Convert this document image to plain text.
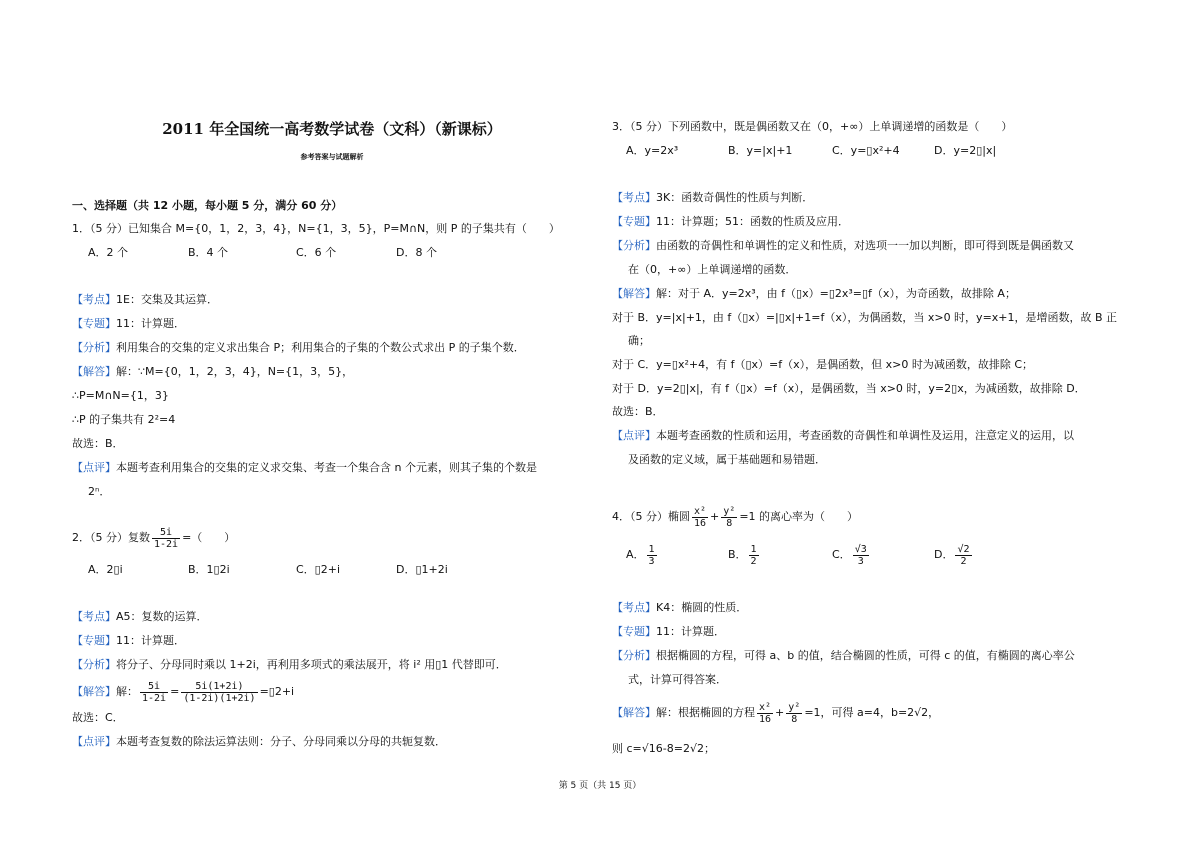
2011 年全国统一高考数学试卷（文科）（新课标）
参考答案与试题解析
一、选择题（共 12 小题，每小题 5 分，满分 60 分）
1．（5 分）已知集合 M={0，1，2，3，4}，N={1，3，5}，P=M∩N，则 P 的子集共有（　　）
A．2 个	B．4 个	C．6 个	D．8 个
【考点】1E：交集及其运算．
【专题】11：计算题．
【分析】利用集合的交集的定义求出集合 P；利用集合的子集的个数公式求出 P 的子集个数．
【解答】解：∵M={0，1，2，3，4}，N={1，3，5}，
∴P=M∩N={1，3}
∴P 的子集共有 2²=4
故选：B．
【点评】本题考查利用集合的交集的定义求交集、考查一个集合含 n 个元素，则其子集的个数是
2ⁿ．
2．（5 分）复数 $\frac{5i}{1-2i}$ =（　　）
A．2▯i	B．1▯2i	C．▯2+i	D．▯1+2i
【考点】A5：复数的运算．
【专题】11：计算题．
【分析】将分子、分母同时乘以 1+2i，再利用多项式的乘法展开，将 i² 用▯1 代替即可．
【解答】解： $\frac{5i}{1-2i} = \frac{5i(1+2i)}{(1-2i)(1+2i)}$ =▯2+i
故选：C．
【点评】本题考查复数的除法运算法则：分子、分母同乘以分母的共轭复数．
3．（5 分）下列函数中，既是偶函数又在（0，+∞）上单调递增的函数是（　　）
A．y=2x³	B．y=|x|+1	C．y=▯x²+4	D．y=2▯|x|
【考点】3K：函数奇偶性的性质与判断．
【专题】11：计算题；51：函数的性质及应用．
【分析】由函数的奇偶性和单调性的定义和性质，对选项一一加以判断，即可得到既是偶函数又
在（0，+∞）上单调递增的函数．
【解答】解：对于 A．y=2x³，由 f（▯x）=▯2x³=▯f（x），为奇函数，故排除 A；
对于 B．y=|x|+1，由 f（▯x）=|▯x|+1=f（x），为偶函数，当 x>0 时，y=x+1，是增函数，故 B 正
确；
对于 C．y=▯x²+4，有 f（▯x）=f（x），是偶函数，但 x>0 时为减函数，故排除 C；
对于 D．y=2▯|x|，有 f（▯x）=f（x），是偶函数，当 x>0 时，y=2▯x，为减函数，故排除 D．
故选：B．
【点评】本题考查函数的性质和运用，考查函数的奇偶性和单调性及运用，注意定义的运用，以
及函数的定义域，属于基础题和易错题．
4．（5 分）椭圆 $\frac{\text{x²}}{16} + \frac{\text{y²}}{8} =1$ 的离心率为（　　）
A． $\frac{1}{3}$	B． $\frac{1}{2}$	C． $\frac{√3}{3}$	D． $\frac{√2}{2}$
【考点】K4：椭圆的性质．
【专题】11：计算题．
【分析】根据椭圆的方程，可得 a、b 的值，结合椭圆的性质，可得 c 的值，有椭圆的离心率公
式，计算可得答案．
【解答】解：根据椭圆的方程 $\frac{\text{x²}}{16} + \frac{\text{y²}}{8} =1$，可得 a=4，b=2√2，
则 c=√16-8=2√2；
第 5 页（共 15 页）
